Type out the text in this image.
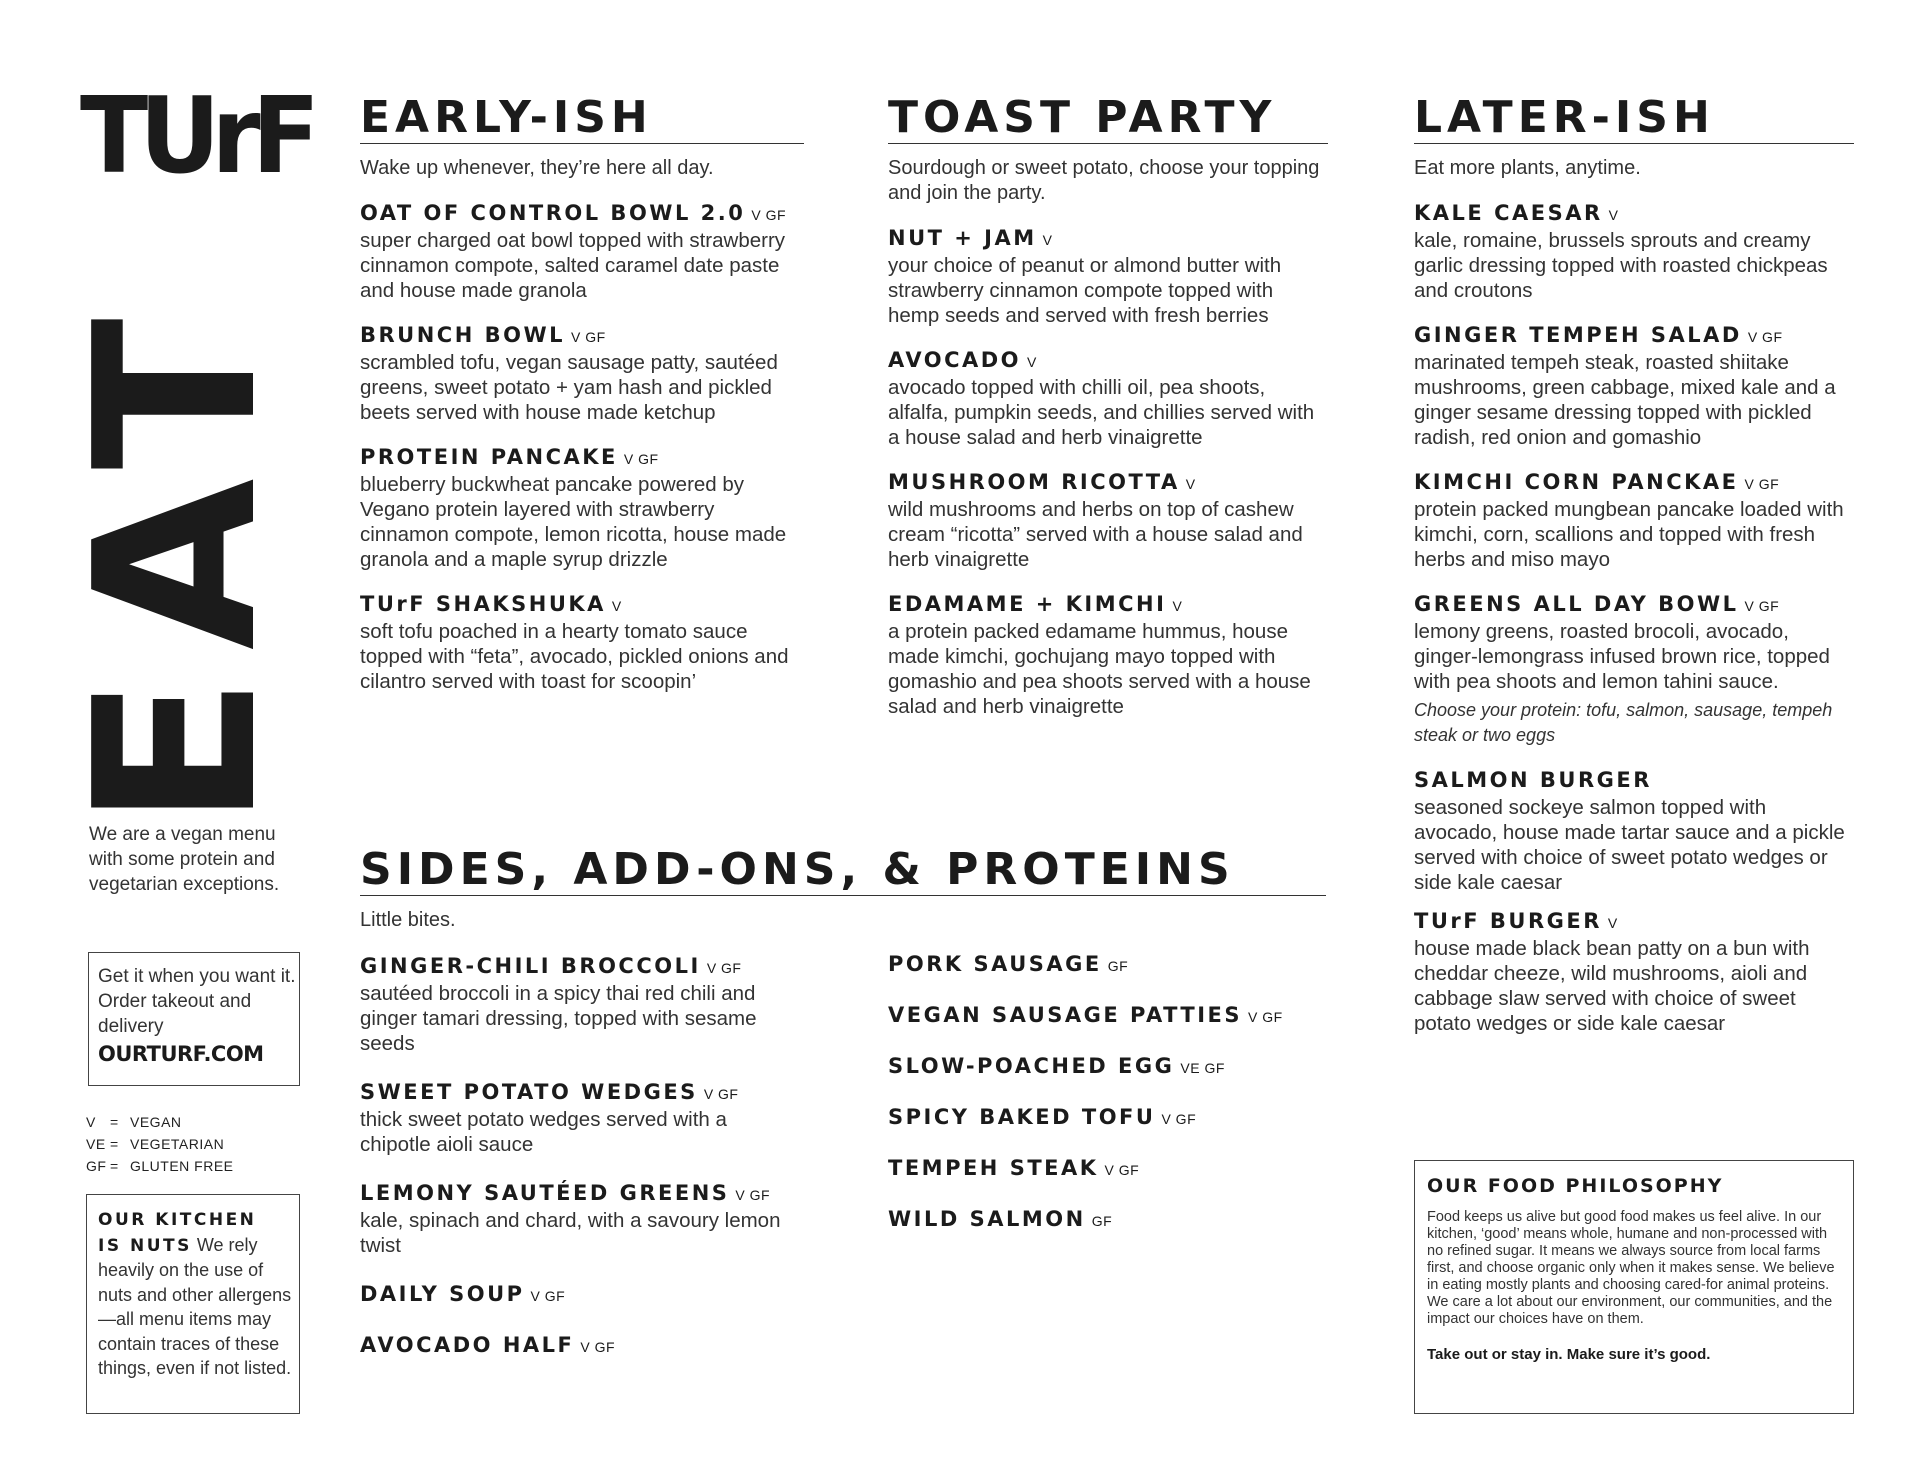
TUrF
EAT
We are a vegan menu with some protein and vegetarian exceptions.
Get it when you want it. Order takeout and delivery
OURTURF.COM
V = VEGAN
VE = VEGETARIAN
GF = GLUTEN FREE
OUR KITCHEN
IS NUTS We rely heavily on the use of nuts and other allergens—all menu items may contain traces of these things, even if not listed.
EARLY-ISH
Wake up whenever, they’re here all day.
OAT OF CONTROL BOWL 2.0 V GF
super charged oat bowl topped with strawberry cinnamon compote, salted caramel date paste and house made granola
BRUNCH BOWL V GF
scrambled tofu, vegan sausage patty, sautéed greens, sweet potato + yam hash and pickled beets served with house made ketchup
PROTEIN PANCAKE V GF
blueberry buckwheat pancake powered by Vegano protein layered with strawberry cinnamon compote, lemon ricotta, house made granola and a maple syrup drizzle
TUrF SHAKSHUKA V
soft tofu poached in a hearty tomato sauce topped with “feta”, avocado, pickled onions and cilantro served with toast for scoopin’
TOAST PARTY
Sourdough or sweet potato, choose your topping and join the party.
NUT + JAM V
your choice of peanut or almond butter with strawberry cinnamon compote topped with hemp seeds and served with fresh berries
AVOCADO V
avocado topped with chilli oil, pea shoots, alfalfa, pumpkin seeds, and chillies served with a house salad and herb vinaigrette
MUSHROOM RICOTTA V
wild mushrooms and herbs on top of cashew cream “ricotta” served with a house salad and herb vinaigrette
EDAMAME + KIMCHI V
a protein packed edamame hummus, house made kimchi, gochujang mayo topped with gomashio and pea shoots served with a house salad and herb vinaigrette
LATER-ISH
Eat more plants, anytime.
KALE CAESAR V
kale, romaine, brussels sprouts and creamy garlic dressing topped with roasted chickpeas and croutons
GINGER TEMPEH SALAD V GF
marinated tempeh steak, roasted shiitake mushrooms, green cabbage, mixed kale and a ginger sesame dressing topped with pickled radish, red onion and gomashio
KIMCHI CORN PANCKAE V GF
protein packed mungbean pancake loaded with kimchi, corn, scallions and topped with fresh herbs and miso mayo
GREENS ALL DAY BOWL V GF
lemony greens, roasted brocoli, avocado, ginger-lemongrass infused brown rice, topped with pea shoots and lemon tahini sauce.
Choose your protein: tofu, salmon, sausage, tempeh steak or two eggs
SALMON BURGER
seasoned sockeye salmon topped with avocado, house made tartar sauce and a pickle served with choice of sweet potato wedges or side kale caesar
TUrF BURGER V
house made black bean patty on a bun with cheddar cheeze, wild mushrooms, aioli and cabbage slaw served with choice of sweet potato wedges or side kale caesar
SIDES, ADD-ONS, & PROTEINS
Little bites.
GINGER-CHILI BROCCOLI V GF
sautéed broccoli in a spicy thai red chili and ginger tamari dressing, topped with sesame seeds
SWEET POTATO WEDGES V GF
thick sweet potato wedges served with a chipotle aioli sauce
LEMONY SAUTÉED GREENS V GF
kale, spinach and chard, with a savoury lemon twist
DAILY SOUP V GF
AVOCADO HALF V GF
PORK SAUSAGE GF
VEGAN SAUSAGE PATTIES V GF
SLOW-POACHED EGG VE GF
SPICY BAKED TOFU V GF
TEMPEH STEAK V GF
WILD SALMON GF
OUR FOOD PHILOSOPHY
Food keeps us alive but good food makes us feel alive. In our kitchen, ‘good’ means whole, humane and non-processed with no refined sugar. It means we always source from local farms first, and choose organic only when it makes sense. We believe in eating mostly plants and choosing cared-for animal proteins. We care a lot about our environment, our communities, and the impact our choices have on them.
Take out or stay in. Make sure it’s good.
